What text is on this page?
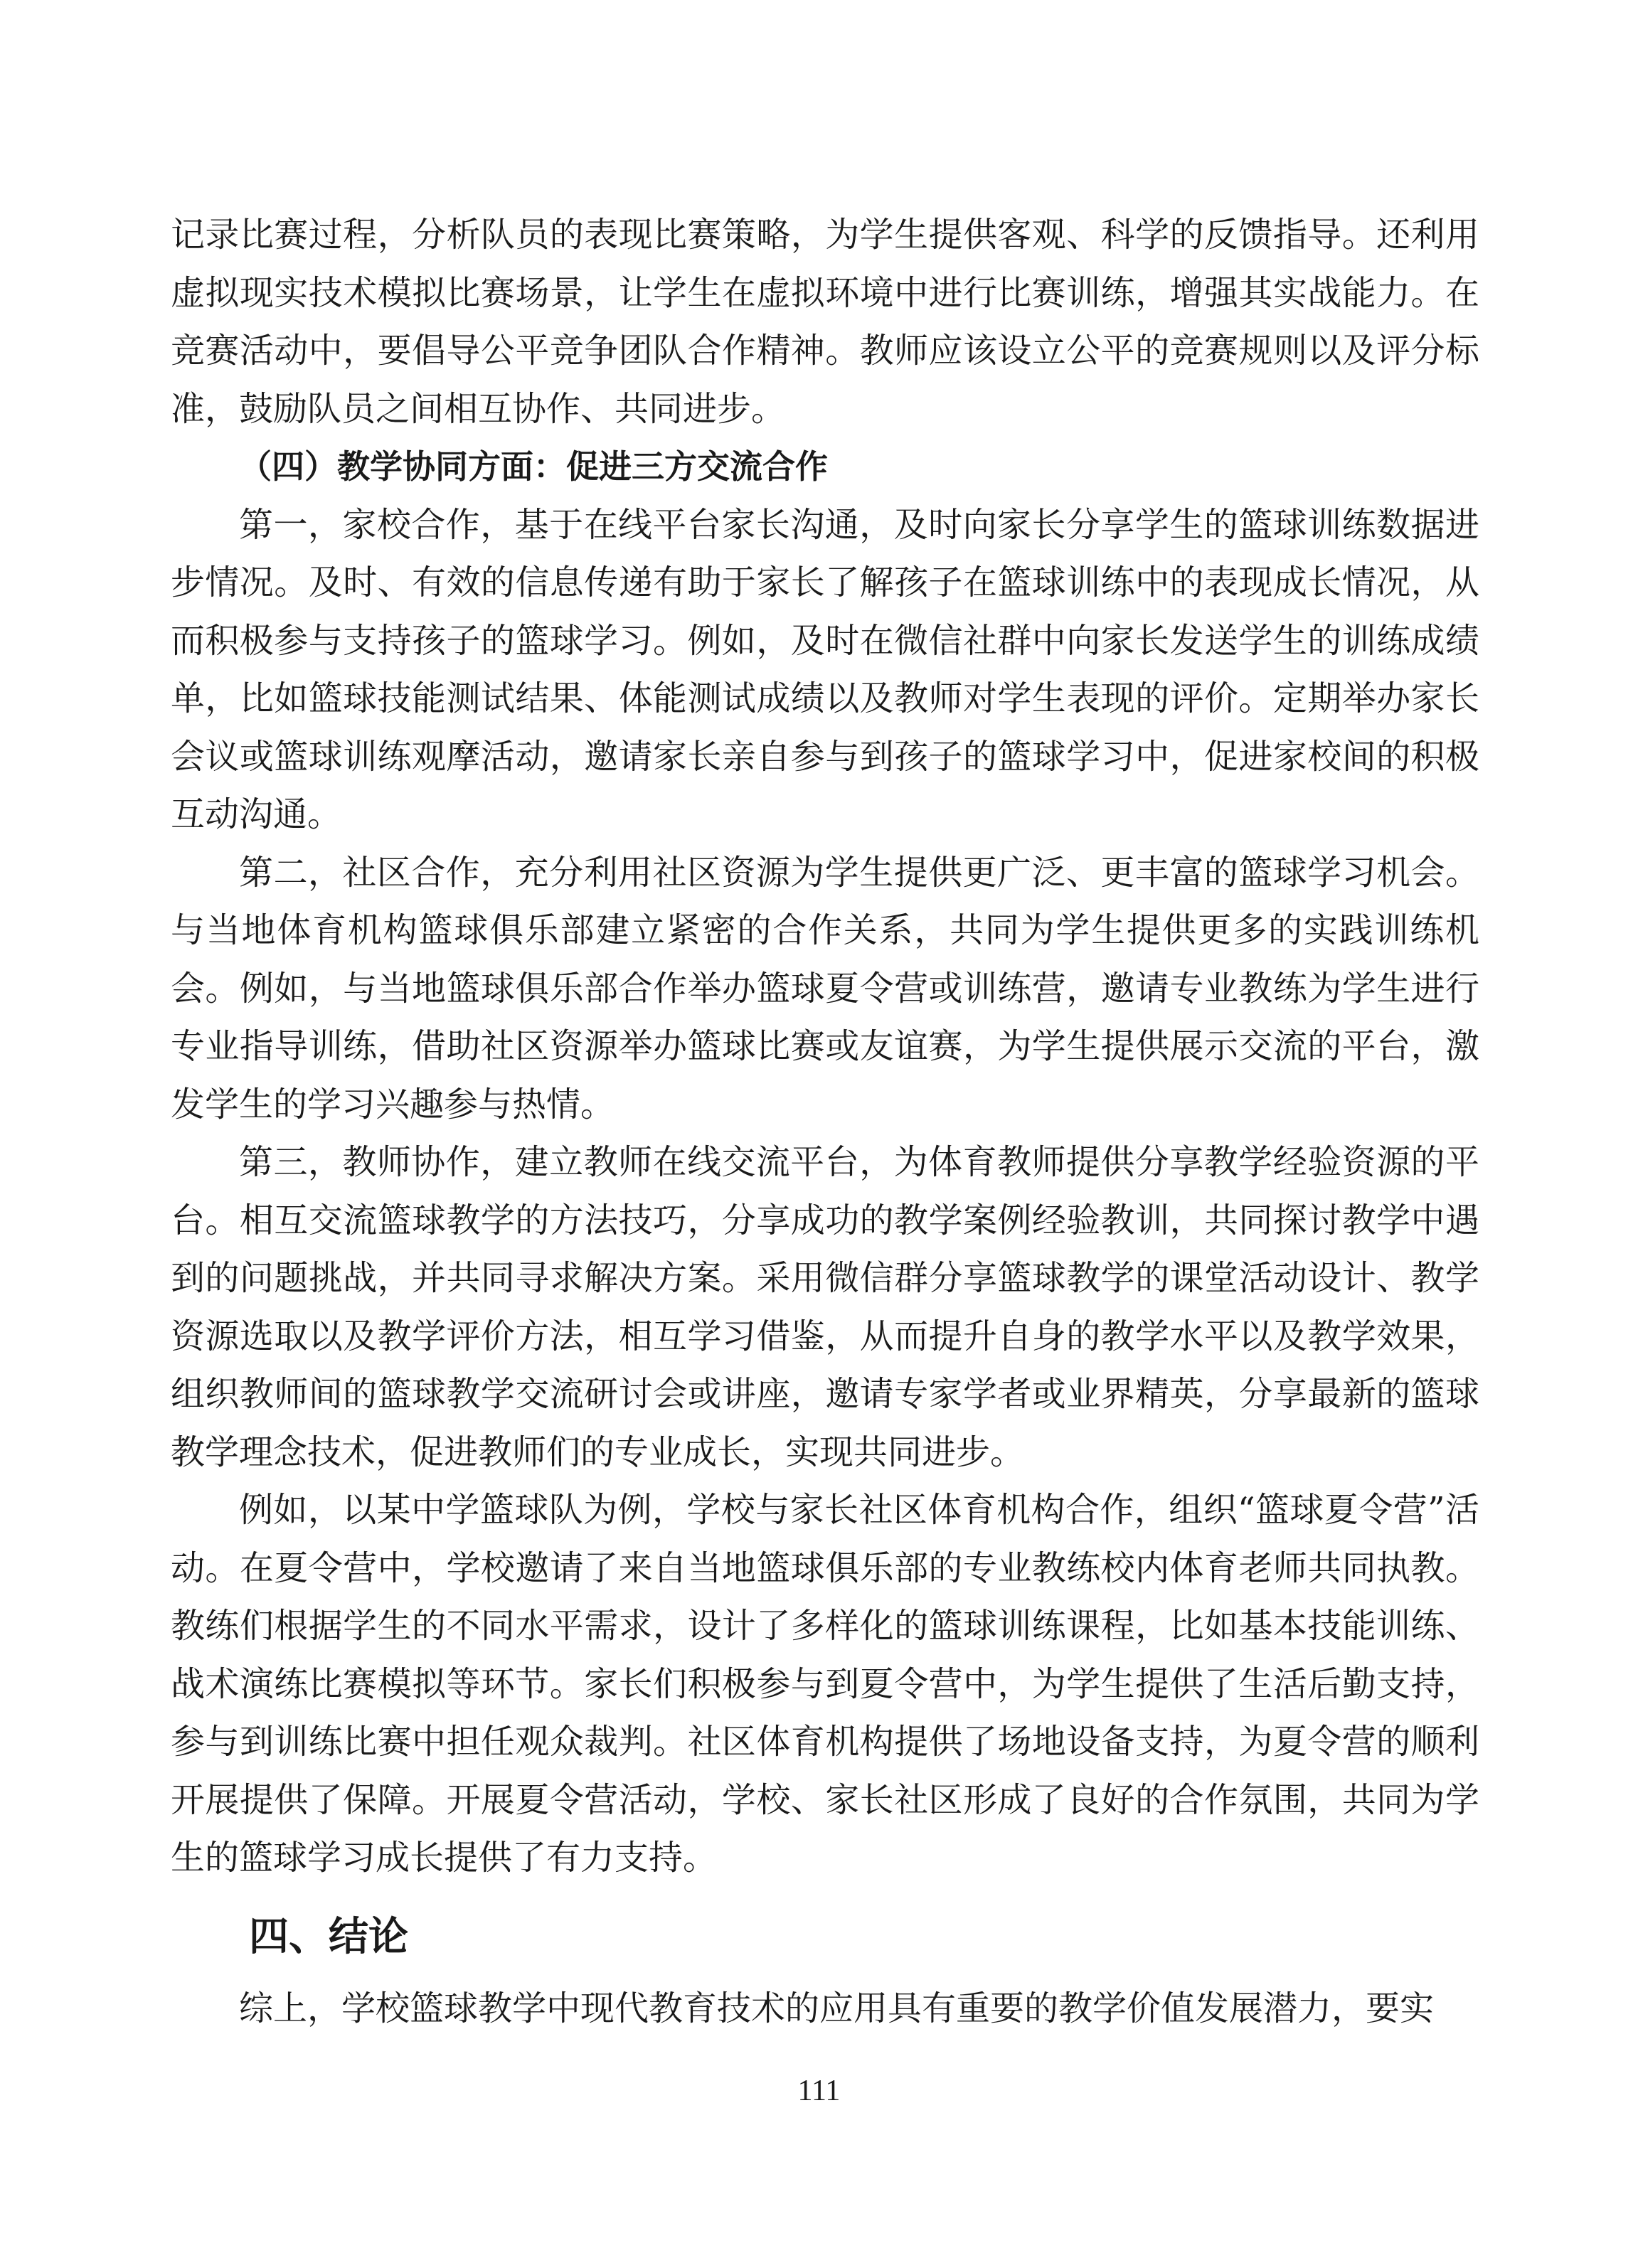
记录比赛过程，分析队员的表现比赛策略，为学生提供客观、科学的反馈指导。还利用虚拟现实技术模拟比赛场景，让学生在虚拟环境中进行比赛训练，增强其实战能力。在竞赛活动中，要倡导公平竞争团队合作精神。教师应该设立公平的竞赛规则以及评分标准，鼓励队员之间相互协作、共同进步。

（四）教学协同方面：促进三方交流合作

第一，家校合作，基于在线平台家长沟通，及时向家长分享学生的篮球训练数据进步情况。及时、有效的信息传递有助于家长了解孩子在篮球训练中的表现成长情况，从而积极参与支持孩子的篮球学习。例如，及时在微信社群中向家长发送学生的训练成绩单，比如篮球技能测试结果、体能测试成绩以及教师对学生表现的评价。定期举办家长会议或篮球训练观摩活动，邀请家长亲自参与到孩子的篮球学习中，促进家校间的积极互动沟通。

第二，社区合作，充分利用社区资源为学生提供更广泛、更丰富的篮球学习机会。与当地体育机构篮球俱乐部建立紧密的合作关系，共同为学生提供更多的实践训练机会。例如，与当地篮球俱乐部合作举办篮球夏令营或训练营，邀请专业教练为学生进行专业指导训练，借助社区资源举办篮球比赛或友谊赛，为学生提供展示交流的平台，激发学生的学习兴趣参与热情。

第三，教师协作，建立教师在线交流平台，为体育教师提供分享教学经验资源的平台。相互交流篮球教学的方法技巧，分享成功的教学案例经验教训，共同探讨教学中遇到的问题挑战，并共同寻求解决方案。采用微信群分享篮球教学的课堂活动设计、教学资源选取以及教学评价方法，相互学习借鉴，从而提升自身的教学水平以及教学效果，组织教师间的篮球教学交流研讨会或讲座，邀请专家学者或业界精英，分享最新的篮球教学理念技术，促进教师们的专业成长，实现共同进步。

例如，以某中学篮球队为例，学校与家长社区体育机构合作，组织“篮球夏令营”活动。在夏令营中，学校邀请了来自当地篮球俱乐部的专业教练校内体育老师共同执教。教练们根据学生的不同水平需求，设计了多样化的篮球训练课程，比如基本技能训练、战术演练比赛模拟等环节。家长们积极参与到夏令营中，为学生提供了生活后勤支持，参与到训练比赛中担任观众裁判。社区体育机构提供了场地设备支持，为夏令营的顺利开展提供了保障。开展夏令营活动，学校、家长社区形成了良好的合作氛围，共同为学生的篮球学习成长提供了有力支持。

四、结论

综上，学校篮球教学中现代教育技术的应用具有重要的教学价值发展潜力，要实

111
